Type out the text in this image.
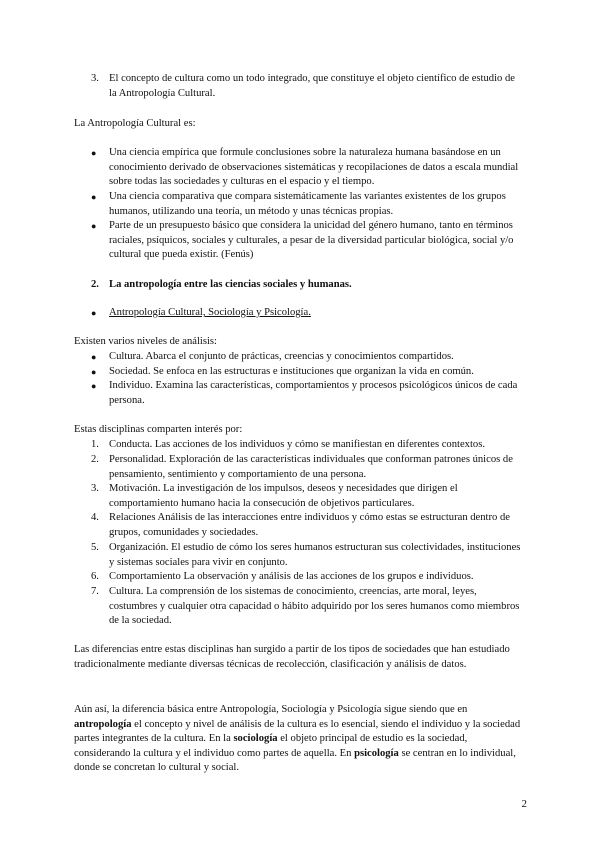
3. El concepto de cultura como un todo integrado, que constituye el objeto científico de estudio de la Antropología Cultural.

La Antropología Cultural es:

●	Una ciencia empírica que formule conclusiones sobre la naturaleza humana basándose en un conocimiento derivado de observaciones sistemáticas y recopilaciones de datos a escala mundial sobre todas las sociedades y culturas en el espacio y el tiempo.
●	Una ciencia comparativa que compara sistemáticamente las variantes existentes de los grupos humanos, utilizando una teoría, un método y unas técnicas propias.
●	Parte de un presupuesto básico que considera la unicidad del género humano, tanto en términos raciales, psíquicos, sociales y culturales, a pesar de la diversidad particular biológica, social y/o cultural que pueda existir. (Fenús)
2. La antropología entre las ciencias sociales y humanas.
●	Antropología Cultural, Sociología y Psicología.

Existen varios niveles de análisis:

●	Cultura. Abarca el conjunto de prácticas, creencias y conocimientos compartidos.
●	Sociedad. Se enfoca en las estructuras e instituciones que organizan la vida en común.
●	Individuo. Examina las características, comportamientos y procesos psicológicos únicos de cada persona.

Estas disciplinas comparten interés por:

1. Conducta. Las acciones de los individuos y cómo se manifiestan en diferentes contextos.
2. Personalidad. Exploración de las características individuales que conforman patrones únicos de pensamiento, sentimiento y comportamiento de una persona.
3. Motivación. La investigación de los impulsos, deseos y necesidades que dirigen el comportamiento humano hacia la consecución de objetivos particulares.
4. Relaciones Análisis de las interacciones entre individuos y cómo estas se estructuran dentro de grupos, comunidades y sociedades.
5. Organización. El estudio de cómo los seres humanos estructuran sus colectividades, instituciones y sistemas sociales para vivir en conjunto.
6. Comportamiento La observación y análisis de las acciones de los grupos e individuos.
7. Cultura. La comprensión de los sistemas de conocimiento, creencias, arte moral, leyes, costumbres y cualquier otra capacidad o hábito adquirido por los seres humanos como miembros de la sociedad.

Las diferencias entre estas disciplinas han surgido a partir de los tipos de sociedades que han estudiado tradicionalmente mediante diversas técnicas de recolección, clasificación y análisis de datos.

Aún así, la diferencia básica entre Antropología, Sociología y Psicología sigue siendo que en antropología el concepto y nivel de análisis de la cultura es lo esencial, siendo el individuo y la sociedad partes integrantes de la cultura. En la sociología el objeto principal de estudio es la sociedad, considerando la cultura y el individuo como partes de aquella. En psicología se centran en lo individual, donde se concretan lo cultural y social.

2
